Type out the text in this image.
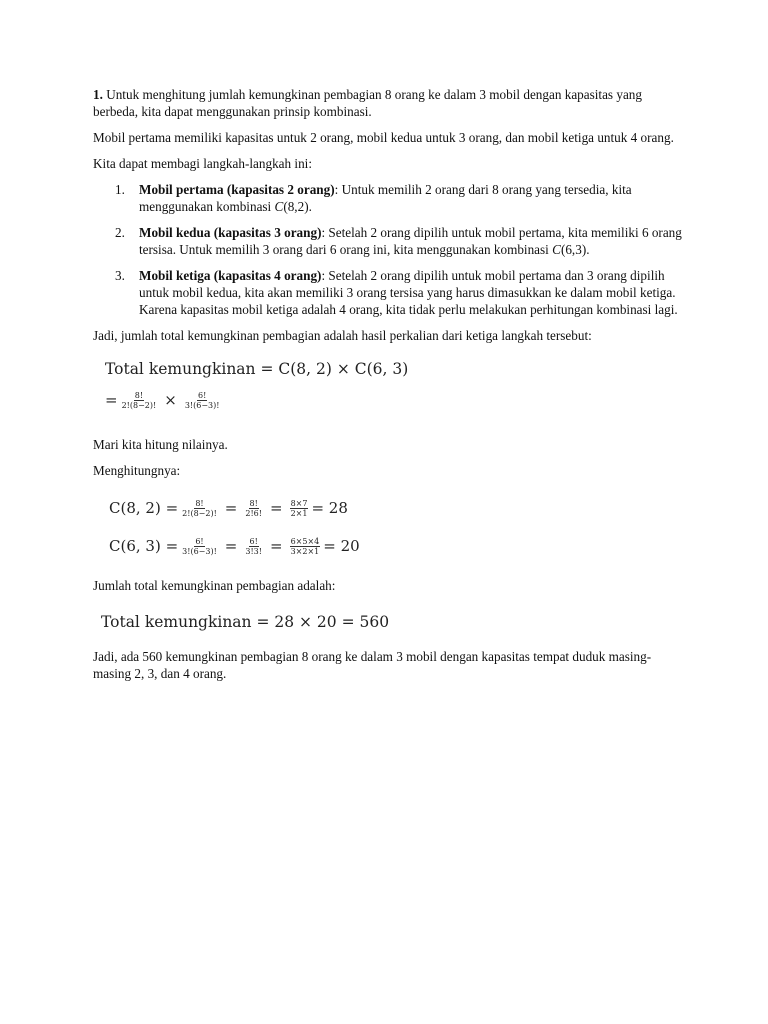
1. Untuk menghitung jumlah kemungkinan pembagian 8 orang ke dalam 3 mobil dengan kapasitas yang berbeda, kita dapat menggunakan prinsip kombinasi.

Mobil pertama memiliki kapasitas untuk 2 orang, mobil kedua untuk 3 orang, dan mobil ketiga untuk 4 orang.

Kita dapat membagi langkah-langkah ini:

1. Mobil pertama (kapasitas 2 orang): Untuk memilih 2 orang dari 8 orang yang tersedia, kita menggunakan kombinasi C(8,2).
2. Mobil kedua (kapasitas 3 orang): Setelah 2 orang dipilih untuk mobil pertama, kita memiliki 6 orang tersisa. Untuk memilih 3 orang dari 6 orang ini, kita menggunakan kombinasi C(6,3).
3. Mobil ketiga (kapasitas 4 orang): Setelah 2 orang dipilih untuk mobil pertama dan 3 orang dipilih untuk mobil kedua, kita akan memiliki 3 orang tersisa yang harus dimasukkan ke dalam mobil ketiga. Karena kapasitas mobil ketiga adalah 4 orang, kita tidak perlu melakukan perhitungan kombinasi lagi.

Jadi, jumlah total kemungkinan pembagian adalah hasil perkalian dari ketiga langkah tersebut:

Total kemungkinan = C(8, 2) × C(6, 3)
= $\frac{8!}{2!(8-2)!} \times \frac{6!}{3!(6-3)!}$

Mari kita hitung nilainya.

Menghitungnya:

C(8, $2) = \frac{8!}{2!(8-2)!} = \frac{8!}{2!6!} = \frac{8\times 7}{2\times 1} = 28$
C(6, $3) = \frac{6!}{3!(6-3)!} = \frac{6!}{3!3!} = \frac{6\times 5\times 4}{3\times 2\times 1} = 20$

Jumlah total kemungkinan pembagian adalah:

Total kemungkinan = 28 × 20 = 560

Jadi, ada 560 kemungkinan pembagian 8 orang ke dalam 3 mobil dengan kapasitas tempat duduk masing-masing 2, 3, dan 4 orang.
